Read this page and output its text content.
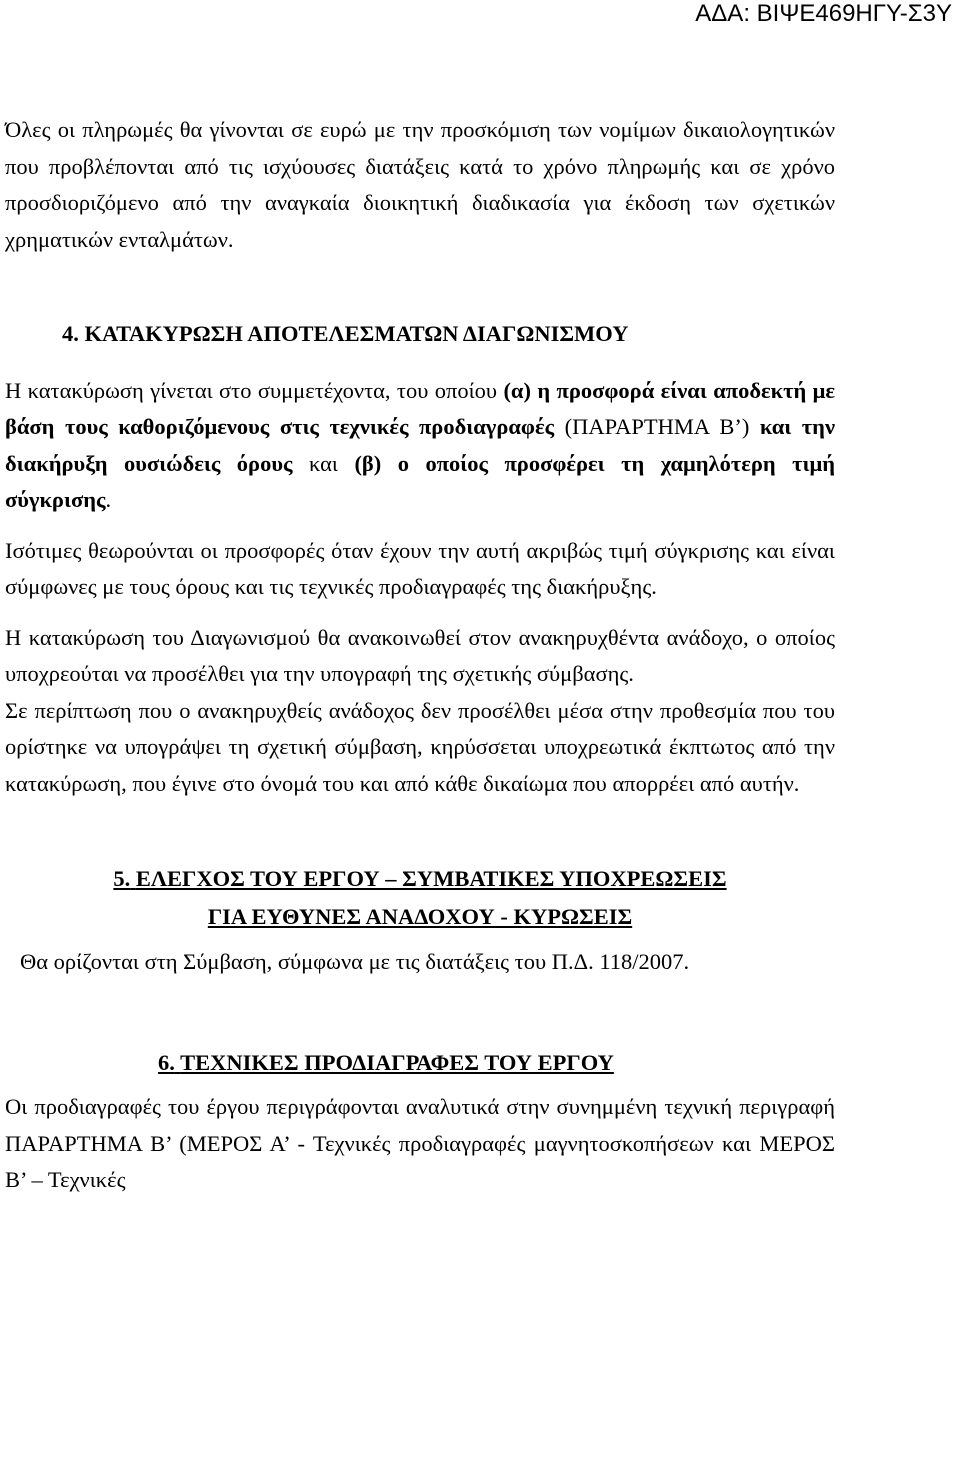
ΑΔΑ: ΒΙΨΕ469ΗΓΥ-Σ3Υ

Όλες οι πληρωμές θα γίνονται σε ευρώ με την προσκόμιση των νομίμων δικαιολογητικών που προβλέπονται από τις ισχύουσες διατάξεις κατά το χρόνο πληρωμής και σε χρόνο προσδιοριζόμενο από την αναγκαία διοικητική διαδικασία για έκδοση των σχετικών χρηματικών ενταλμάτων.

4. ΚΑΤΑΚΥΡΩΣΗ ΑΠΟΤΕΛΕΣΜΑΤΩΝ ΔΙΑΓΩΝΙΣΜΟΥ

Η κατακύρωση γίνεται στο συμμετέχοντα, του οποίου (α) η προσφορά είναι αποδεκτή με βάση τους καθοριζόμενους στις τεχνικές προδιαγραφές (ΠΑΡΑΡΤΗΜΑ Β’) και την διακήρυξη ουσιώδεις όρους και (β) ο οποίος προσφέρει τη χαμηλότερη τιμή σύγκρισης.

Ισότιμες θεωρούνται οι προσφορές όταν έχουν την αυτή ακριβώς τιμή σύγκρισης και είναι σύμφωνες με τους όρους και τις τεχνικές προδιαγραφές της διακήρυξης.

Η κατακύρωση του Διαγωνισμού θα ανακοινωθεί στον ανακηρυχθέντα ανάδοχο, ο οποίος υποχρεούται να προσέλθει για την υπογραφή της σχετικής σύμβασης.

Σε περίπτωση που ο ανακηρυχθείς ανάδοχος δεν προσέλθει μέσα στην προθεσμία που του ορίστηκε να υπογράψει τη σχετική σύμβαση, κηρύσσεται υποχρεωτικά έκπτωτος από την κατακύρωση, που έγινε στο όνομά του και από κάθε δικαίωμα που απορρέει από αυτήν.

5. ΕΛΕΓΧΟΣ ΤΟΥ ΕΡΓΟΥ – ΣΥΜΒΑΤΙΚΕΣ ΥΠΟΧΡΕΩΣΕΙΣ
ΓΙΑ ΕΥΘΥΝΕΣ ΑΝΑΔΟΧΟΥ - ΚΥΡΩΣΕΙΣ

Θα ορίζονται στη Σύμβαση, σύμφωνα με τις διατάξεις του Π.Δ. 118/2007.

6. ΤΕΧΝΙΚΕΣ ΠΡΟΔΙΑΓΡΑΦΕΣ ΤΟΥ ΕΡΓΟΥ

Οι προδιαγραφές του έργου περιγράφονται αναλυτικά στην συνημμένη τεχνική περιγραφή ΠΑΡΑΡΤΗΜΑ Β’ (ΜΕΡΟΣ Α’ - Τεχνικές προδιαγραφές μαγνητοσκοπήσεων και ΜΕΡΟΣ Β’ – Τεχνικές
